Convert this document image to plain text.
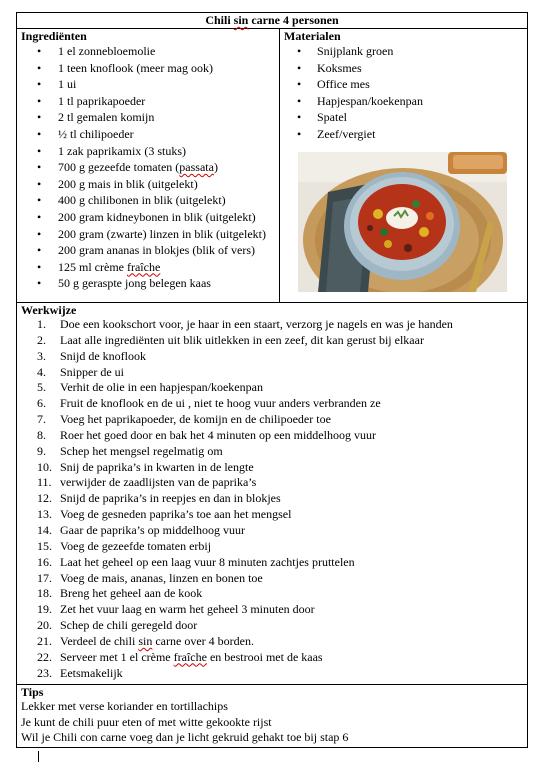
Chili sin carne 4 personen

Ingrediënten
• 1 el zonnebloemolie
• 1 teen knoflook (meer mag ook)
• 1 ui
• 1 tl paprikapoeder
• 2 tl gemalen komijn
• ½ tl chilipoeder
• 1 zak paprikamix (3 stuks)
• 700 g gezeefde tomaten (passata)
• 200 g mais in blik (uitgelekt)
• 400 g chilibonen in blik (uitgelekt)
• 200 gram kidneybonen in blik (uitgelekt)
• 200 gram (zwarte) linzen in blik (uitgelekt)
• 200 gram ananas in blokjes (blik of vers)
• 125 ml crème fraîche
• 50 g geraspte jong belegen kaas

Materialen
• Snijplank groen
• Koksmes
• Office mes
• Hapjespan/koekenpan
• Spatel
• Zeef/vergiet

Werkwijze
1. Doe een kookschort voor, je haar in een staart, verzorg je nagels en was je handen
2. Laat alle ingrediënten uit blik uitlekken in een zeef, dit kan gerust bij elkaar
3. Snijd de knoflook
4. Snipper de ui
5. Verhit de olie in een hapjespan/koekenpan
6. Fruit de knoflook en de ui , niet te hoog vuur anders verbranden ze
7. Voeg het paprikapoeder, de komijn en de chilipoeder toe
8. Roer het goed door en bak het 4 minuten op een middelhoog vuur
9. Schep het mengsel regelmatig om
10. Snij de paprika’s in kwarten in de lengte
11. verwijder de zaadlijsten van de paprika’s
12. Snijd de paprika’s in reepjes en dan in blokjes
13. Voeg de gesneden paprika’s toe aan het mengsel
14. Gaar de paprika’s op middelhoog vuur
15. Voeg de gezeefde tomaten erbij
16. Laat het geheel op een laag vuur 8 minuten zachtjes pruttelen
17. Voeg de mais, ananas, linzen en bonen toe
18. Breng het geheel aan de kook
19. Zet het vuur laag en warm het geheel 3 minuten door
20. Schep de chili geregeld door
21. Verdeel de chili sin carne over 4 borden.
22. Serveer met 1 el crème fraîche en bestrooi met de kaas
23. Eetsmakelijk

Tips

Lekker met verse koriander en tortillachips

Je kunt de chili puur eten of met witte gekookte rijst

Wil je Chili con carne voeg dan je licht gekruid gehakt toe bij stap 6
